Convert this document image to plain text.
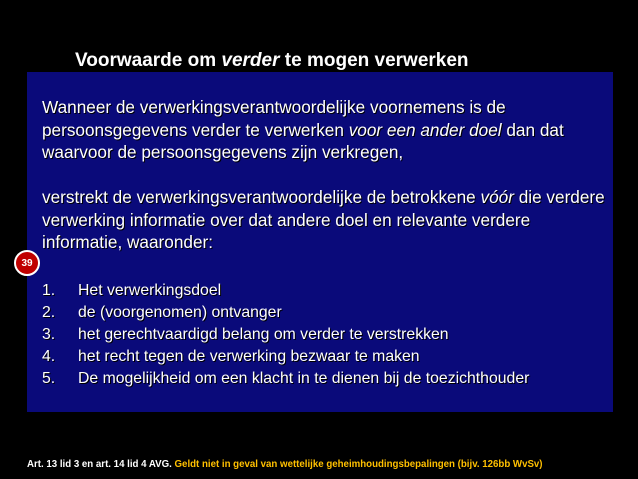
Voorwaarde om verder te mogen verwerken

Wanneer de verwerkingsverantwoordelijke voornemens is de persoonsgegevens verder te verwerken voor een ander doel dan dat waarvoor de persoonsgegevens zijn verkregen,

verstrekt de verwerkingsverantwoordelijke de betrokkene vóór die verdere verwerking informatie over dat andere doel en relevante verdere informatie, waaronder:

1.	Het verwerkingsdoel
2.	de (voorgenomen) ontvanger
3.	het gerechtvaardigd belang om verder te verstrekken
4.	het recht tegen de verwerking bezwaar te maken
5.	De mogelijkheid om een klacht in te dienen bij de toezichthouder
39
Art. 13 lid 3 en art. 14 lid 4 AVG. Geldt niet in geval van wettelijke geheimhoudingsbepalingen (bijv. 126bb WvSv)
